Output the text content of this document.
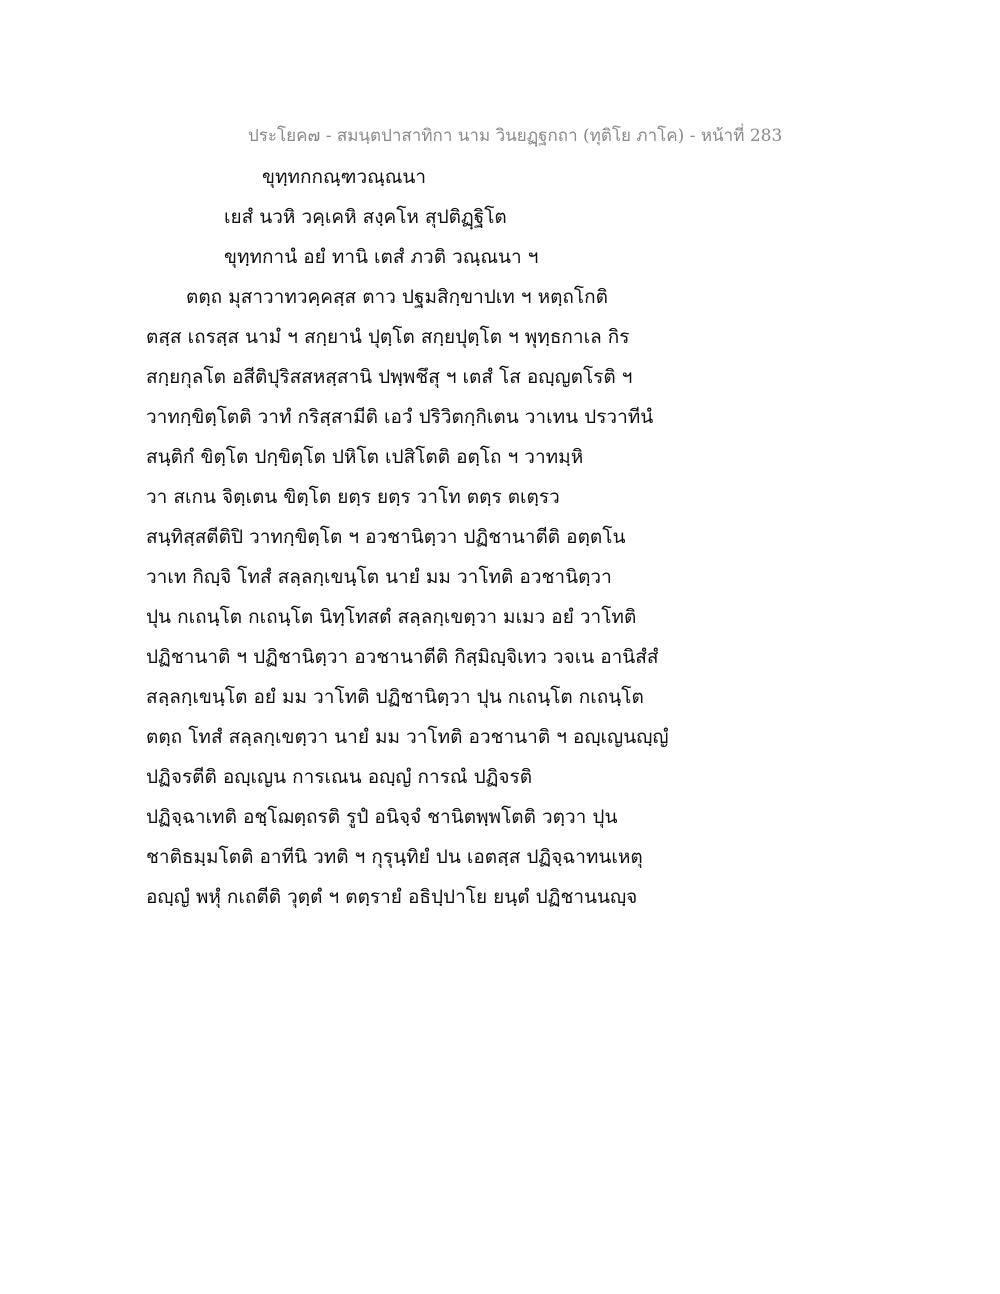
ประโยค๗ - สมนฺตปาสาทิกา นาม วินยฏฺฐกถา (ทุติโย ภาโค) - หน้าที่ 283
ขุทฺทกกณฺฑวณฺณนา
เยสํ นวหิ วคฺเคหิ สงฺคโห สุปติฏฺฐิโต
ขุทฺทกานํ อยํ ทานิ เตสํ ภวติ วณฺณนา ฯ
ตตฺถ มุสาวาทวคฺคสฺส ตาว ปฐมสิกฺขาปเท ฯ หตฺถโกติ
ตสฺส เถรสฺส นามํ ฯ สกฺยานํ ปุตฺโต สกฺยปุตฺโต ฯ พุทฺธกาเล กิร
สกฺยกุลโต อสีติปุริสสหสฺสานิ ปพฺพชึสุ ฯ เตสํ โส อญฺญตโรติ ฯ
วาทกฺขิตฺโตติ วาทํ กริสฺสามีติ เอวํ ปริวิตกฺกิเตน วาเทน ปรวาทีนํ
สนฺติกํ ขิตฺโต ปกฺขิตฺโต ปหิโต เปสิโตติ อตฺโถ ฯ วาทมฺหิ
วา สเกน จิตฺเตน ขิตฺโต ยตฺร ยตฺร วาโท ตตฺร ตเตฺรว
สนฺทิสฺสตีติปิ วาทกฺขิตฺโต ฯ อวชานิตฺวา ปฏิชานาตีติ อตฺตโน
วาเท กิญฺจิ โทสํ สลฺลกฺเขนฺโต นายํ มม วาโทติ อวชานิตฺวา
ปุน กเถนฺโต กเถนฺโต นิทฺโทสตํ สลฺลกฺเขตฺวา มเมว อยํ วาโทติ
ปฏิชานาติ ฯ ปฏิชานิตฺวา อวชานาตีติ กิสฺมิญฺจิเทว วจเน อานิสํสํ
สลฺลกฺเขนฺโต อยํ มม วาโทติ ปฏิชานิตฺวา ปุน กเถนฺโต กเถนฺโต
ตตฺถ โทสํ สลฺลกฺเขตฺวา นายํ มม วาโทติ อวชานาติ ฯ อญฺเญนญฺญํ
ปฏิจรตีติ อญฺเญน การเณน อญฺญํ การณํ ปฏิจรติ
ปฏิจฺฉาเทติ อชฺโฌตฺถรติ รูปํ อนิจฺจํ ชานิตพฺพโตติ วตฺวา ปุน
ชาติธมฺมโตติ อาทีนิ วทติ ฯ กุรุนฺทิยํ ปน เอตสฺส ปฏิจฺฉาทนเหตุ
อญฺญํ พหุํ กเถตีติ วุตฺตํ ฯ ตตฺรายํ อธิปฺปาโย ยนฺตํ ปฏิชานนญฺจ
